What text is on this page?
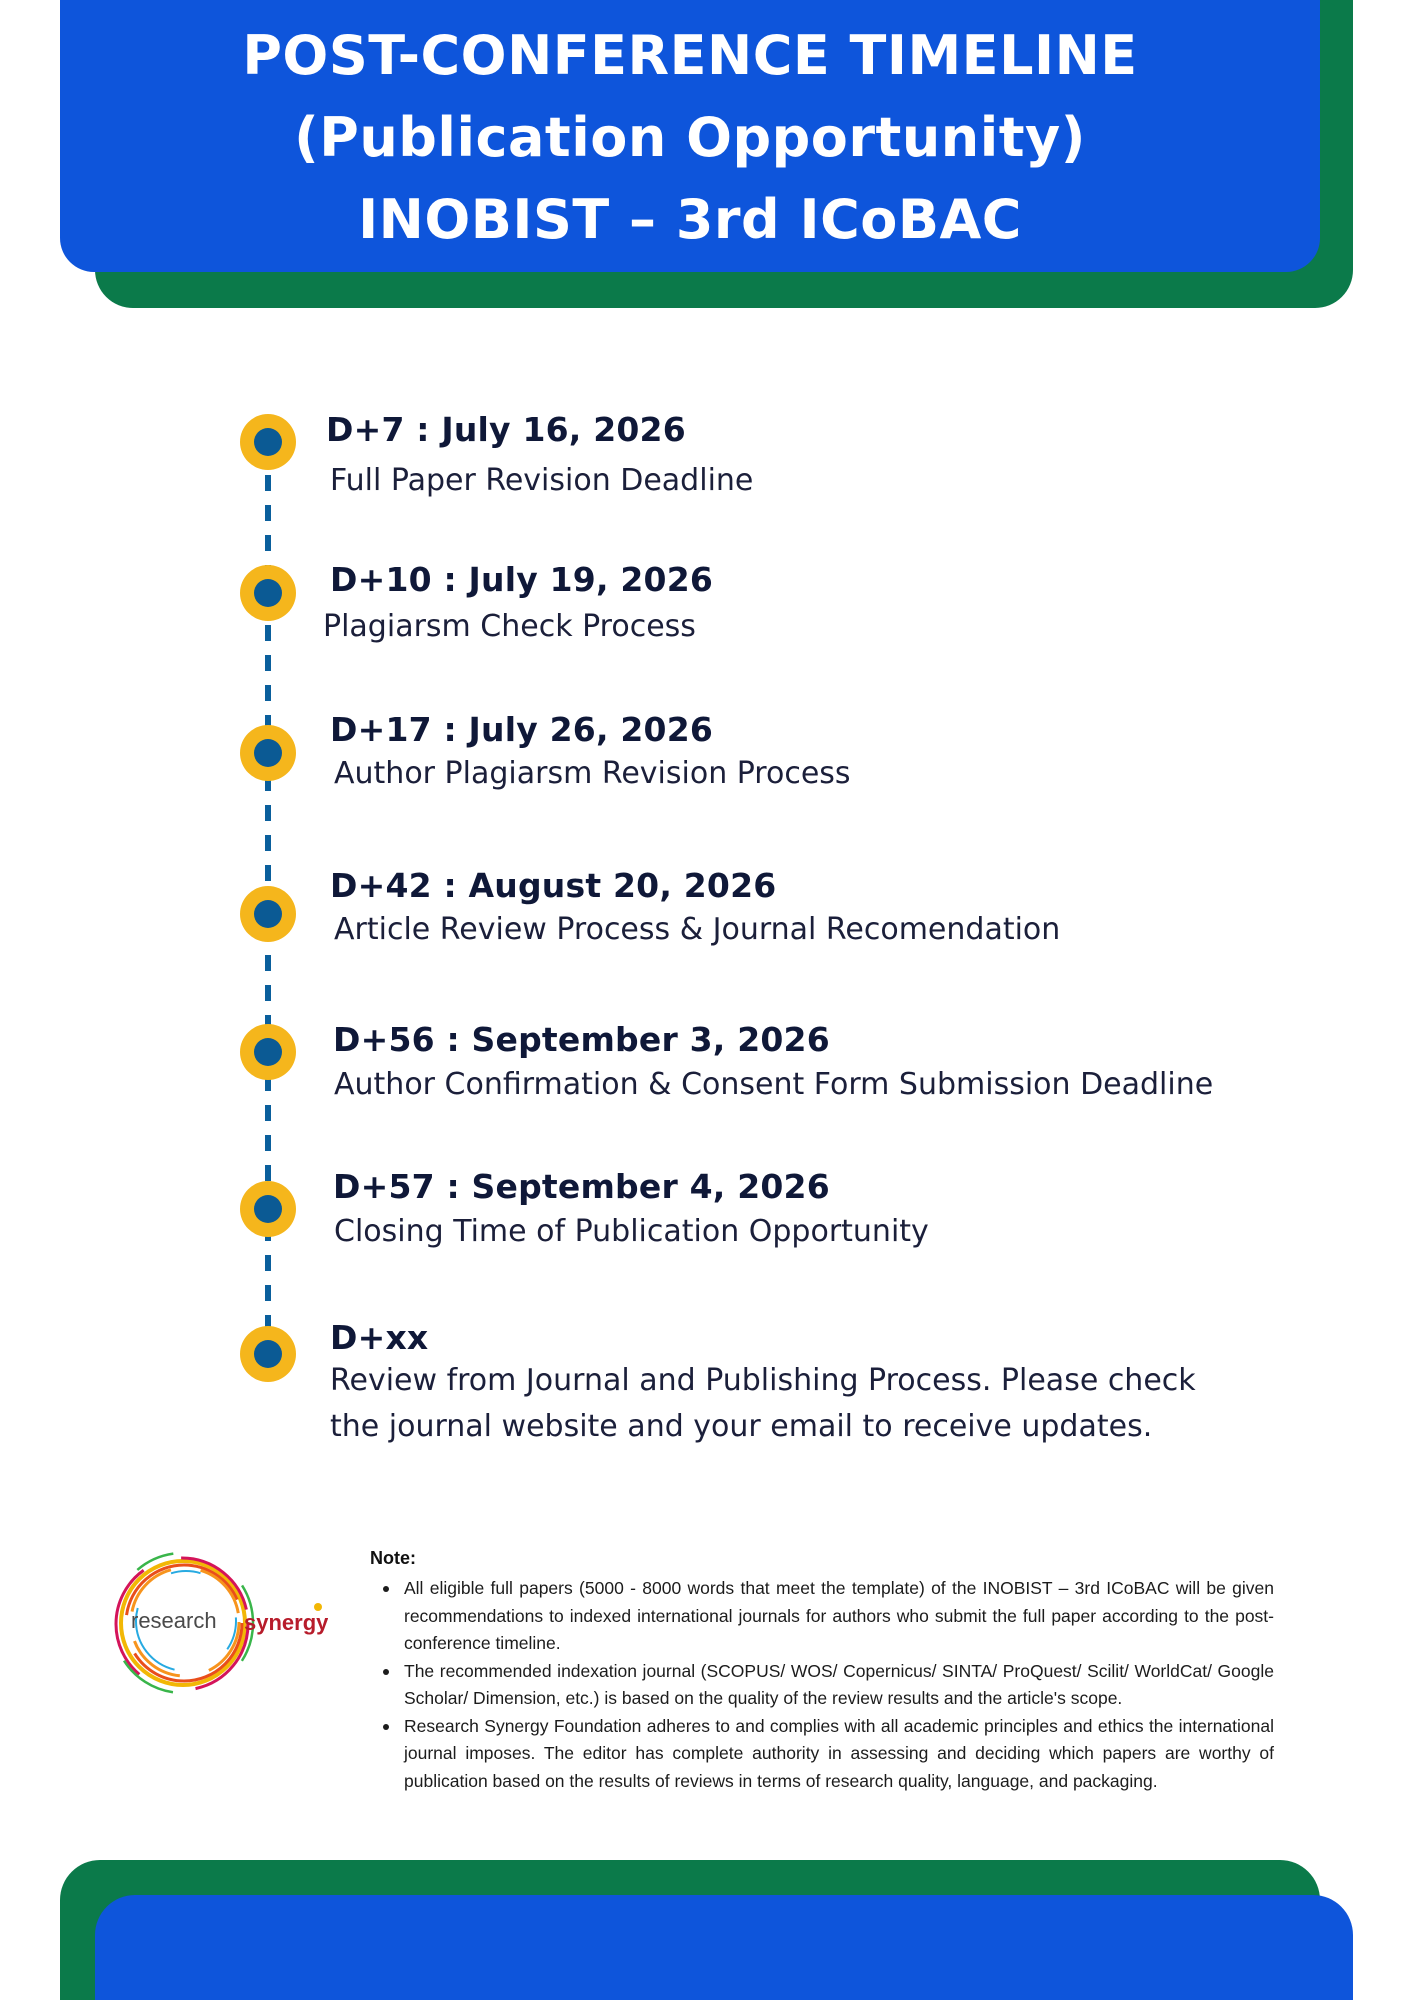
POST-CONFERENCE TIMELINE
(Publication Opportunity)
INOBIST – 3rd ICoBAC
D+7 : July 16, 2026
Full Paper Revision Deadline
D+10 : July 19, 2026
Plagiarsm Check Process
D+17 : July 26, 2026
Author Plagiarsm Revision Process
D+42 : August 20, 2026
Article Review Process & Journal Recomendation
D+56 : September 3, 2026
Author Confirmation & Consent Form Submission Deadline
D+57 : September 4, 2026
Closing Time of Publication Opportunity
D+xx
Review from Journal and Publishing Process. Please check
the journal website and your email to receive updates.
research synergy
Note:
All eligible full papers (5000 - 8000 words that meet the template) of the INOBIST – 3rd ICoBAC will be given recommendations to indexed international journals for authors who submit the full paper according to the post-conference timeline.
The recommended indexation journal (SCOPUS/ WOS/ Copernicus/ SINTA/ ProQuest/ Scilit/ WorldCat/ Google Scholar/ Dimension, etc.) is based on the quality of the review results and the article's scope.
Research Synergy Foundation adheres to and complies with all academic principles and ethics the international journal imposes. The editor has complete authority in assessing and deciding which papers are worthy of publication based on the results of reviews in terms of research quality, language, and packaging.
